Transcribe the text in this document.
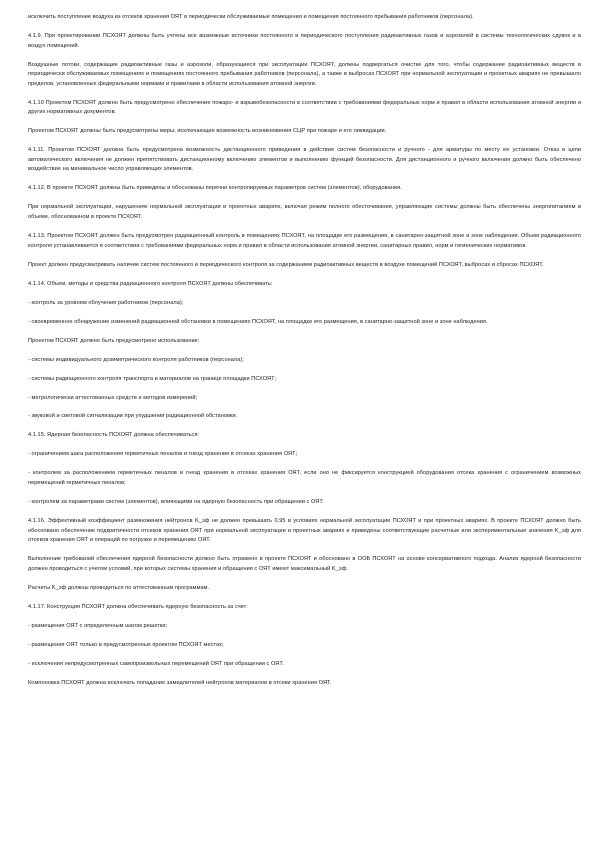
исключить поступление воздуха из отсеков хранения ОЯТ в периодически обслуживаемые помещения и помещения постоянного пребывания работников (персонала).

4.1.9. При проектировании ПСХОЯТ должны быть учтены все возможные источники постоянного и периодического поступления радиоактивных газов и аэрозолей в системы технологических сдувок и в воздух помещений.

Воздушные потоки, содержащие радиоактивные газы и аэрозоли, образующиеся при эксплуатации ПСХОЯТ, должны подвергаться очистке для того, чтобы содержание радиоактивных веществ в периодически обслуживаемых помещениях и помещениях постоянного пребывания работников (персонала), а также в выбросах ПСХОЯТ при нормальной эксплуатации и проектных авариях не превышало пределов, установленных федеральными нормами и правилами в области использования атомной энергии.

4.1.10 Проектом ПСХОЯТ должно быть предусмотрено обеспечение пожаро- и взрывобезопасности в соответствии с требованиями федеральных норм и правил в области использования атомной энергии и других нормативных документов.

Проектом ПСХОЯТ должны быть предусмотрены меры, исключающие возможность возникновения СЦР при пожаре и его ликвидации.

4.1.11. Проектом ПСХОЯТ должна быть предусмотрена возможность дистанционного приведения в действие систем безопасности и ручного - для арматуры по месту ее установки. Отказ в цепи автоматического включения не должен препятствовать дистанционному включению элементов и выполнению функций безопасности. Для дистанционного и ручного включения должно быть обеспечено воздействие на минимальное число управляющих элементов.

4.1.12. В проекте ПСХОЯТ должны быть приведены и обоснованы перечни контролируемых параметров систем (элементов), оборудования.

При нормальной эксплуатации, нарушениях нормальной эксплуатации и проектных авариях, включая режим полного обесточивания, управляющие системы должны быть обеспечены энергопитанием в объеме, обоснованном в проекте ПСХОЯТ.

4.1.13. Проектом ПСХОЯТ должен быть предусмотрен радиационный контроль в помещениях ПСХОЯТ, на площадке его размещения, в санитарно-защитной зоне и зоне наблюдения. Объем радиационного контроля устанавливается в соответствии с требованиями федеральных норм и правил в области использования атомной энергии, санитарных правил, норм и гигиенических нормативов.

Проект должен предусматривать наличие систем постоянного и периодического контроля за содержанием радиоактивных веществ в воздухе помещений ПСХОЯТ, выбросах и сбросах ПСХОЯТ.

4.1.14. Объем, методы и средства радиационного контроля ПСХОЯТ должны обеспечивать:

- контроль за уровнем облучения работников (персонала);

- своевременное обнаружение изменений радиационной обстановки в помещениях ПСХОЯТ, на площадке его размещения, в санитарно-защитной зоне и зоне наблюдения.

Проектом ПСХОЯТ должно быть предусмотрено использование:

- системы индивидуального дозиметрического контроля работников (персонала);

- системы радиационного контроля транспорта и материалов на границе площадки ПСХОЯТ;

- метрологически аттестованных средств и методов измерений;

- звуковой и световой сигнализации при ухудшении радиационной обстановки.

4.1.15. Ядерная безопасность ПСХОЯТ должна обеспечиваться:

- ограничением шага расположения герметичных пеналов и гнезд хранения в отсеках хранения ОЯТ;

- контролем за расположением герметичных пеналов и гнезд хранения в отсеках хранения ОЯТ, если оно не фиксируется конструкцией оборудования отсека хранения с ограничением возможных перемещений герметичных пеналов;

- контролем за параметрами систем (элементов), влияющими на ядерную безопасность при обращении с ОЯТ.

4.1.16. Эффективный коэффициент размножения нейтронов K_эф не должен превышать 0,95 в условиях нормальной эксплуатации ПСХОЯТ и при проектных авариях. В проекте ПСХОЯТ должно быть обосновано обеспечение подкритичности отсеков хранения ОЯТ при нормальной эксплуатации и проектных авариях и приведены соответствующие расчетные или экспериментальные значения K_эф для отсеков хранения ОЯТ и операций по погрузке и перемещению ОЯТ.

Выполнение требований обеспечения ядерной безопасности должно быть отражено в проекте ПСХОЯТ и обосновано в ООБ ПСХОЯТ на основе консервативного подхода. Анализ ядерной безопасности должен проводиться с учетом условий, при которых системы хранения и обращения с ОЯТ имеют максимальный K_эф.

Расчеты K_эф должны проводиться по аттестованным программам.

4.1.17. Конструкция ПСХОЯТ должна обеспечивать ядерную безопасность за счет:

- размещения ОЯТ с определенным шагом решетки;

- размещения ОЯТ только в предусмотренных проектом ПСХОЯТ местах;

- исключения непредусмотренных самопроизвольных перемещений ОЯТ при обращении с ОЯТ.

Компоновка ПСХОЯТ должна исключать попадание замедлителей нейтронов материалов в отсеки хранения ОЯТ.
